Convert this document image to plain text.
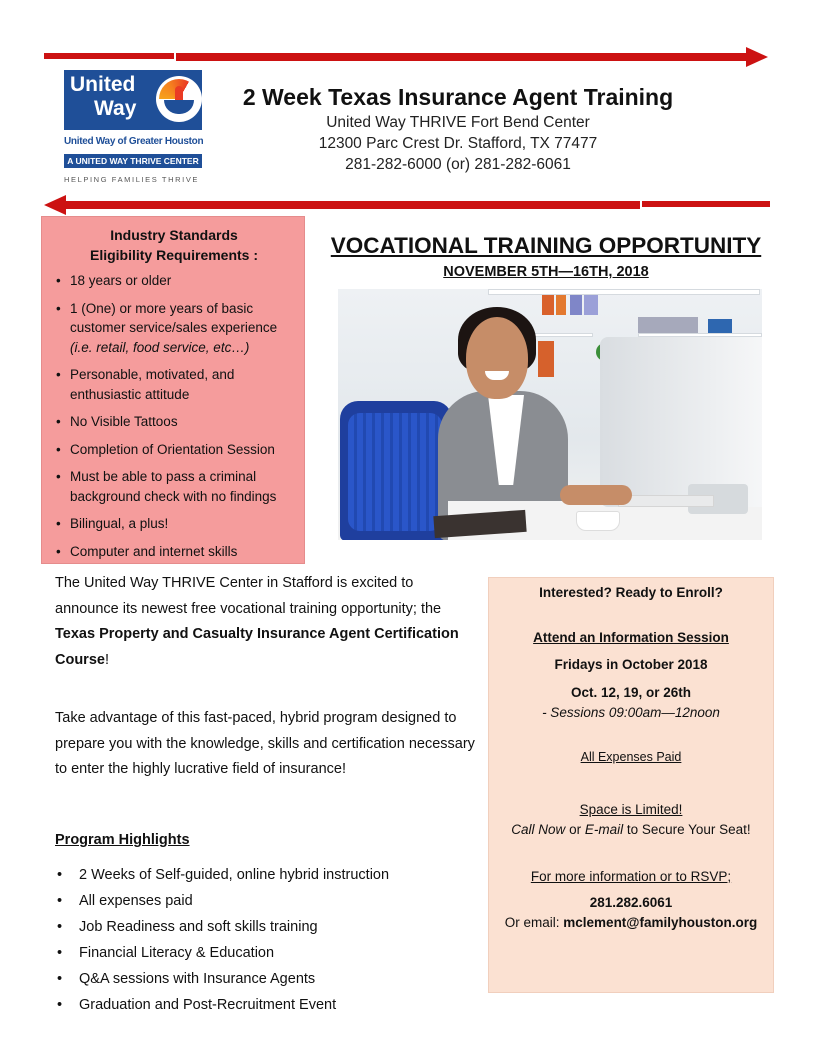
United
Way
United Way of Greater Houston
A UNITED WAY THRIVE CENTER
HELPING FAMILIES THRIVE
2 Week Texas Insurance Agent Training
United Way THRIVE Fort Bend Center
12300 Parc Crest Dr. Stafford, TX 77477
281-282-6000 (or) 281-282-6061
Industry Standards
Eligibility Requirements :
• 18 years or older
• 1 (One) or more years of basic customer service/sales experience (i.e. retail, food service, etc…)
• Personable, motivated, and enthusiastic attitude
• No Visible Tattoos
• Completion of Orientation Session
• Must be able to pass a criminal background check with no findings
• Bilingual, a plus!
• Computer and internet skills
VOCATIONAL TRAINING OPPORTUNITY
NOVEMBER 5TH—16TH, 2018
The United Way THRIVE Center in Stafford is excited to announce its newest free vocational training opportunity; the Texas Property and Casualty Insurance Agent Certification Course!
Take advantage of this fast-paced, hybrid program designed to prepare you with the knowledge, skills and certification necessary to enter the highly lucrative field of insurance!
Program Highlights
• 2 Weeks of Self-guided, online hybrid instruction
• All expenses paid
• Job Readiness and soft skills training
• Financial Literacy & Education
• Q&A sessions with Insurance Agents
• Graduation and Post-Recruitment Event
Interested? Ready to Enroll?
Attend an Information Session
Fridays in October 2018
Oct. 12, 19, or 26th
- Sessions 09:00am—12noon
All Expenses Paid
Space is Limited!
Call Now or E-mail to Secure Your Seat!
For more information or to RSVP;
281.282.6061
Or email: mclement@familyhouston.org
